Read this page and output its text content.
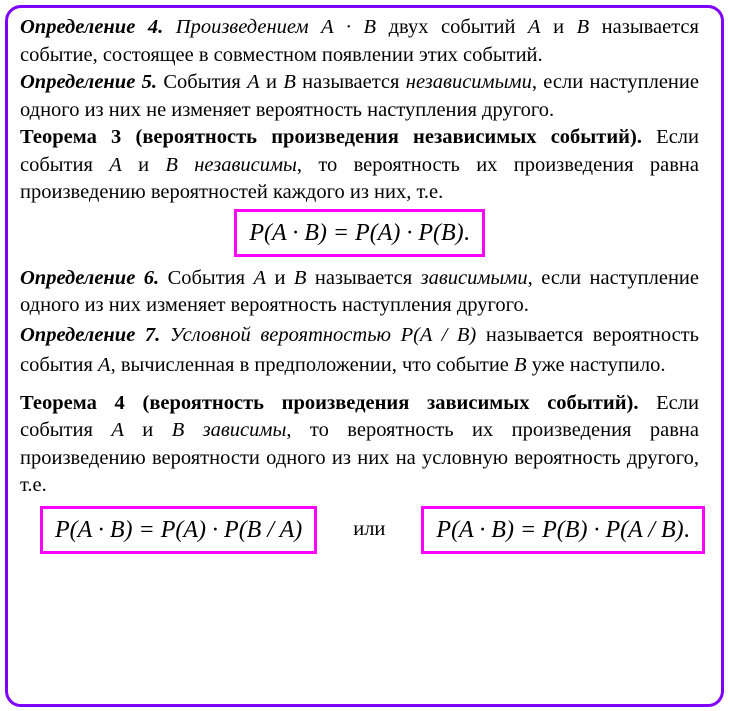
Определение 4. Произведением A · B двух событий A и B называется событие, состоящее в совместном появлении этих событий.

Определение 5. События A и B называется независимыми, если наступление одного из них не изменяет вероятность наступления другого.

Теорема 3 (вероятность произведения независимых событий). Если события A и B независимы, то вероятность их произведения равна произведению вероятностей каждого из них, т.е.

P(A · B) = P(A) · P(B).

Определение 6. События A и B называется зависимыми, если наступление одного из них изменяет вероятность наступления другого.

Определение 7. Условной вероятностью P(A / B) называется вероятность события A, вычисленная в предположении, что событие B уже наступило.

Теорема 4 (вероятность произведения зависимых событий). Если события A и B зависимы, то вероятность их произведения равна произведению вероятности одного из них на условную вероятность другого, т.е.

P(A · B) = P(A) · P(B / A)	или	P(A · B) = P(B) · P(A / B).
